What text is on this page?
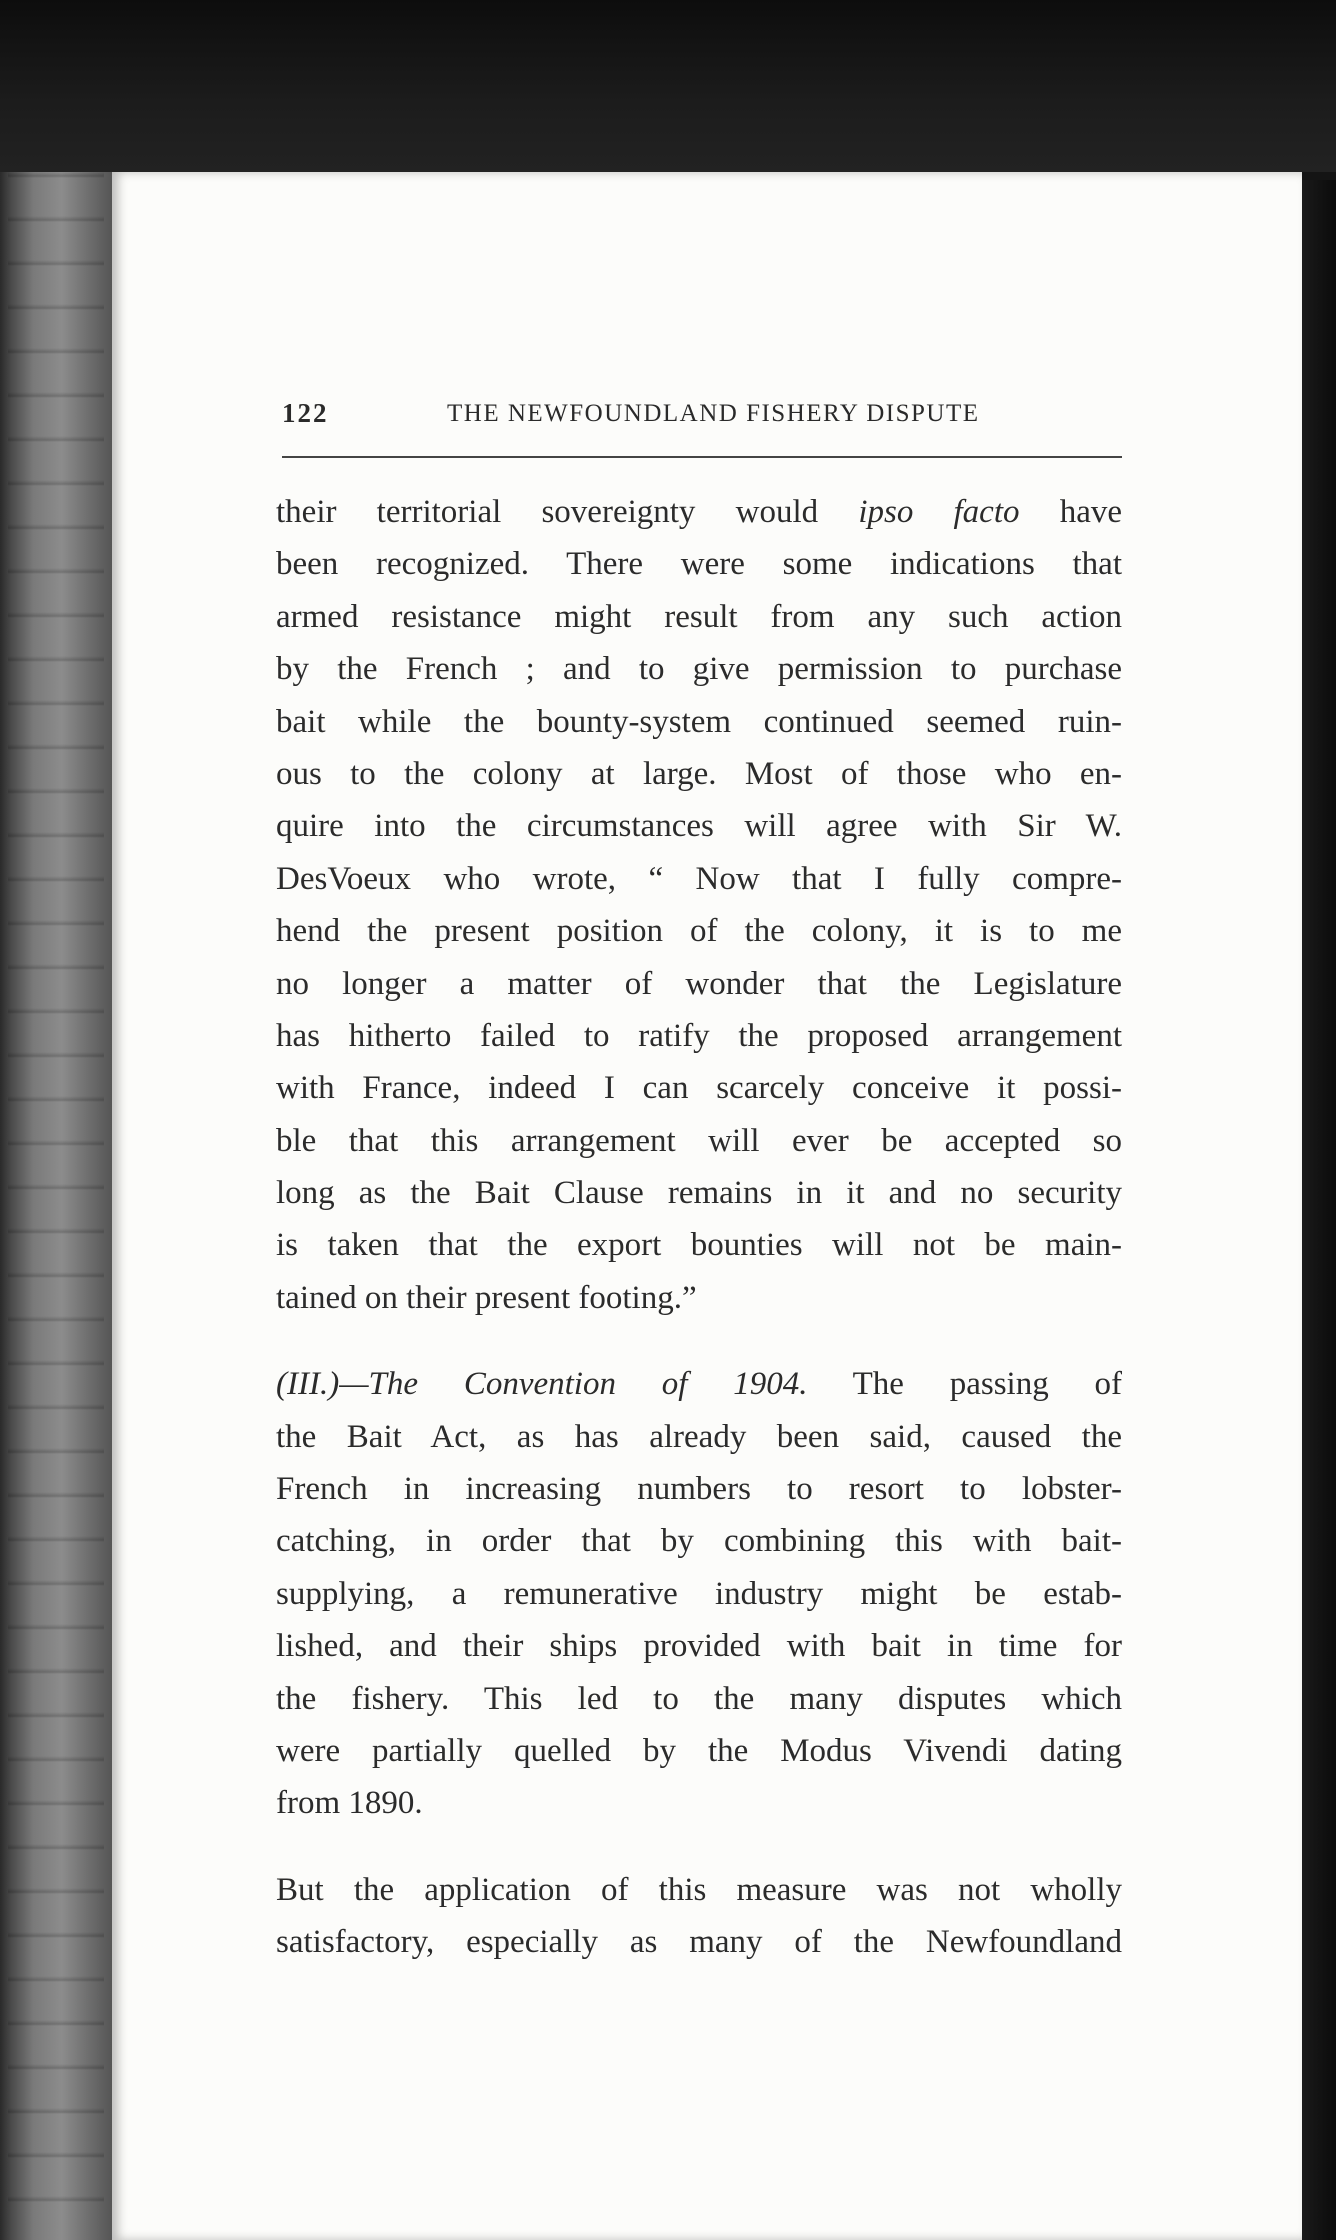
122	THE NEWFOUNDLAND FISHERY DISPUTE
their territorial sovereignty would ipso facto have
been recognized. There were some indications that
armed resistance might result from any such action
by the French ; and to give permission to purchase
bait while the bounty-system continued seemed ruin-
ous to the colony at large. Most of those who en-
quire into the circumstances will agree with Sir W.
DesVoeux who wrote, “ Now that I fully compre-
hend the present position of the colony, it is to me
no longer a matter of wonder that the Legislature
has hitherto failed to ratify the proposed arrangement
with France, indeed I can scarcely conceive it possi-
ble that this arrangement will ever be accepted so
long as the Bait Clause remains in it and no security
is taken that the export bounties will not be main-
tained on their present footing.”
(III.)—The Convention of 1904. The passing of
the Bait Act, as has already been said, caused the
French in increasing numbers to resort to lobster-
catching, in order that by combining this with bait-
supplying, a remunerative industry might be estab-
lished, and their ships provided with bait in time for
the fishery. This led to the many disputes which
were partially quelled by the Modus Vivendi dating
from 1890.
But the application of this measure was not wholly
satisfactory, especially as many of the Newfoundland
